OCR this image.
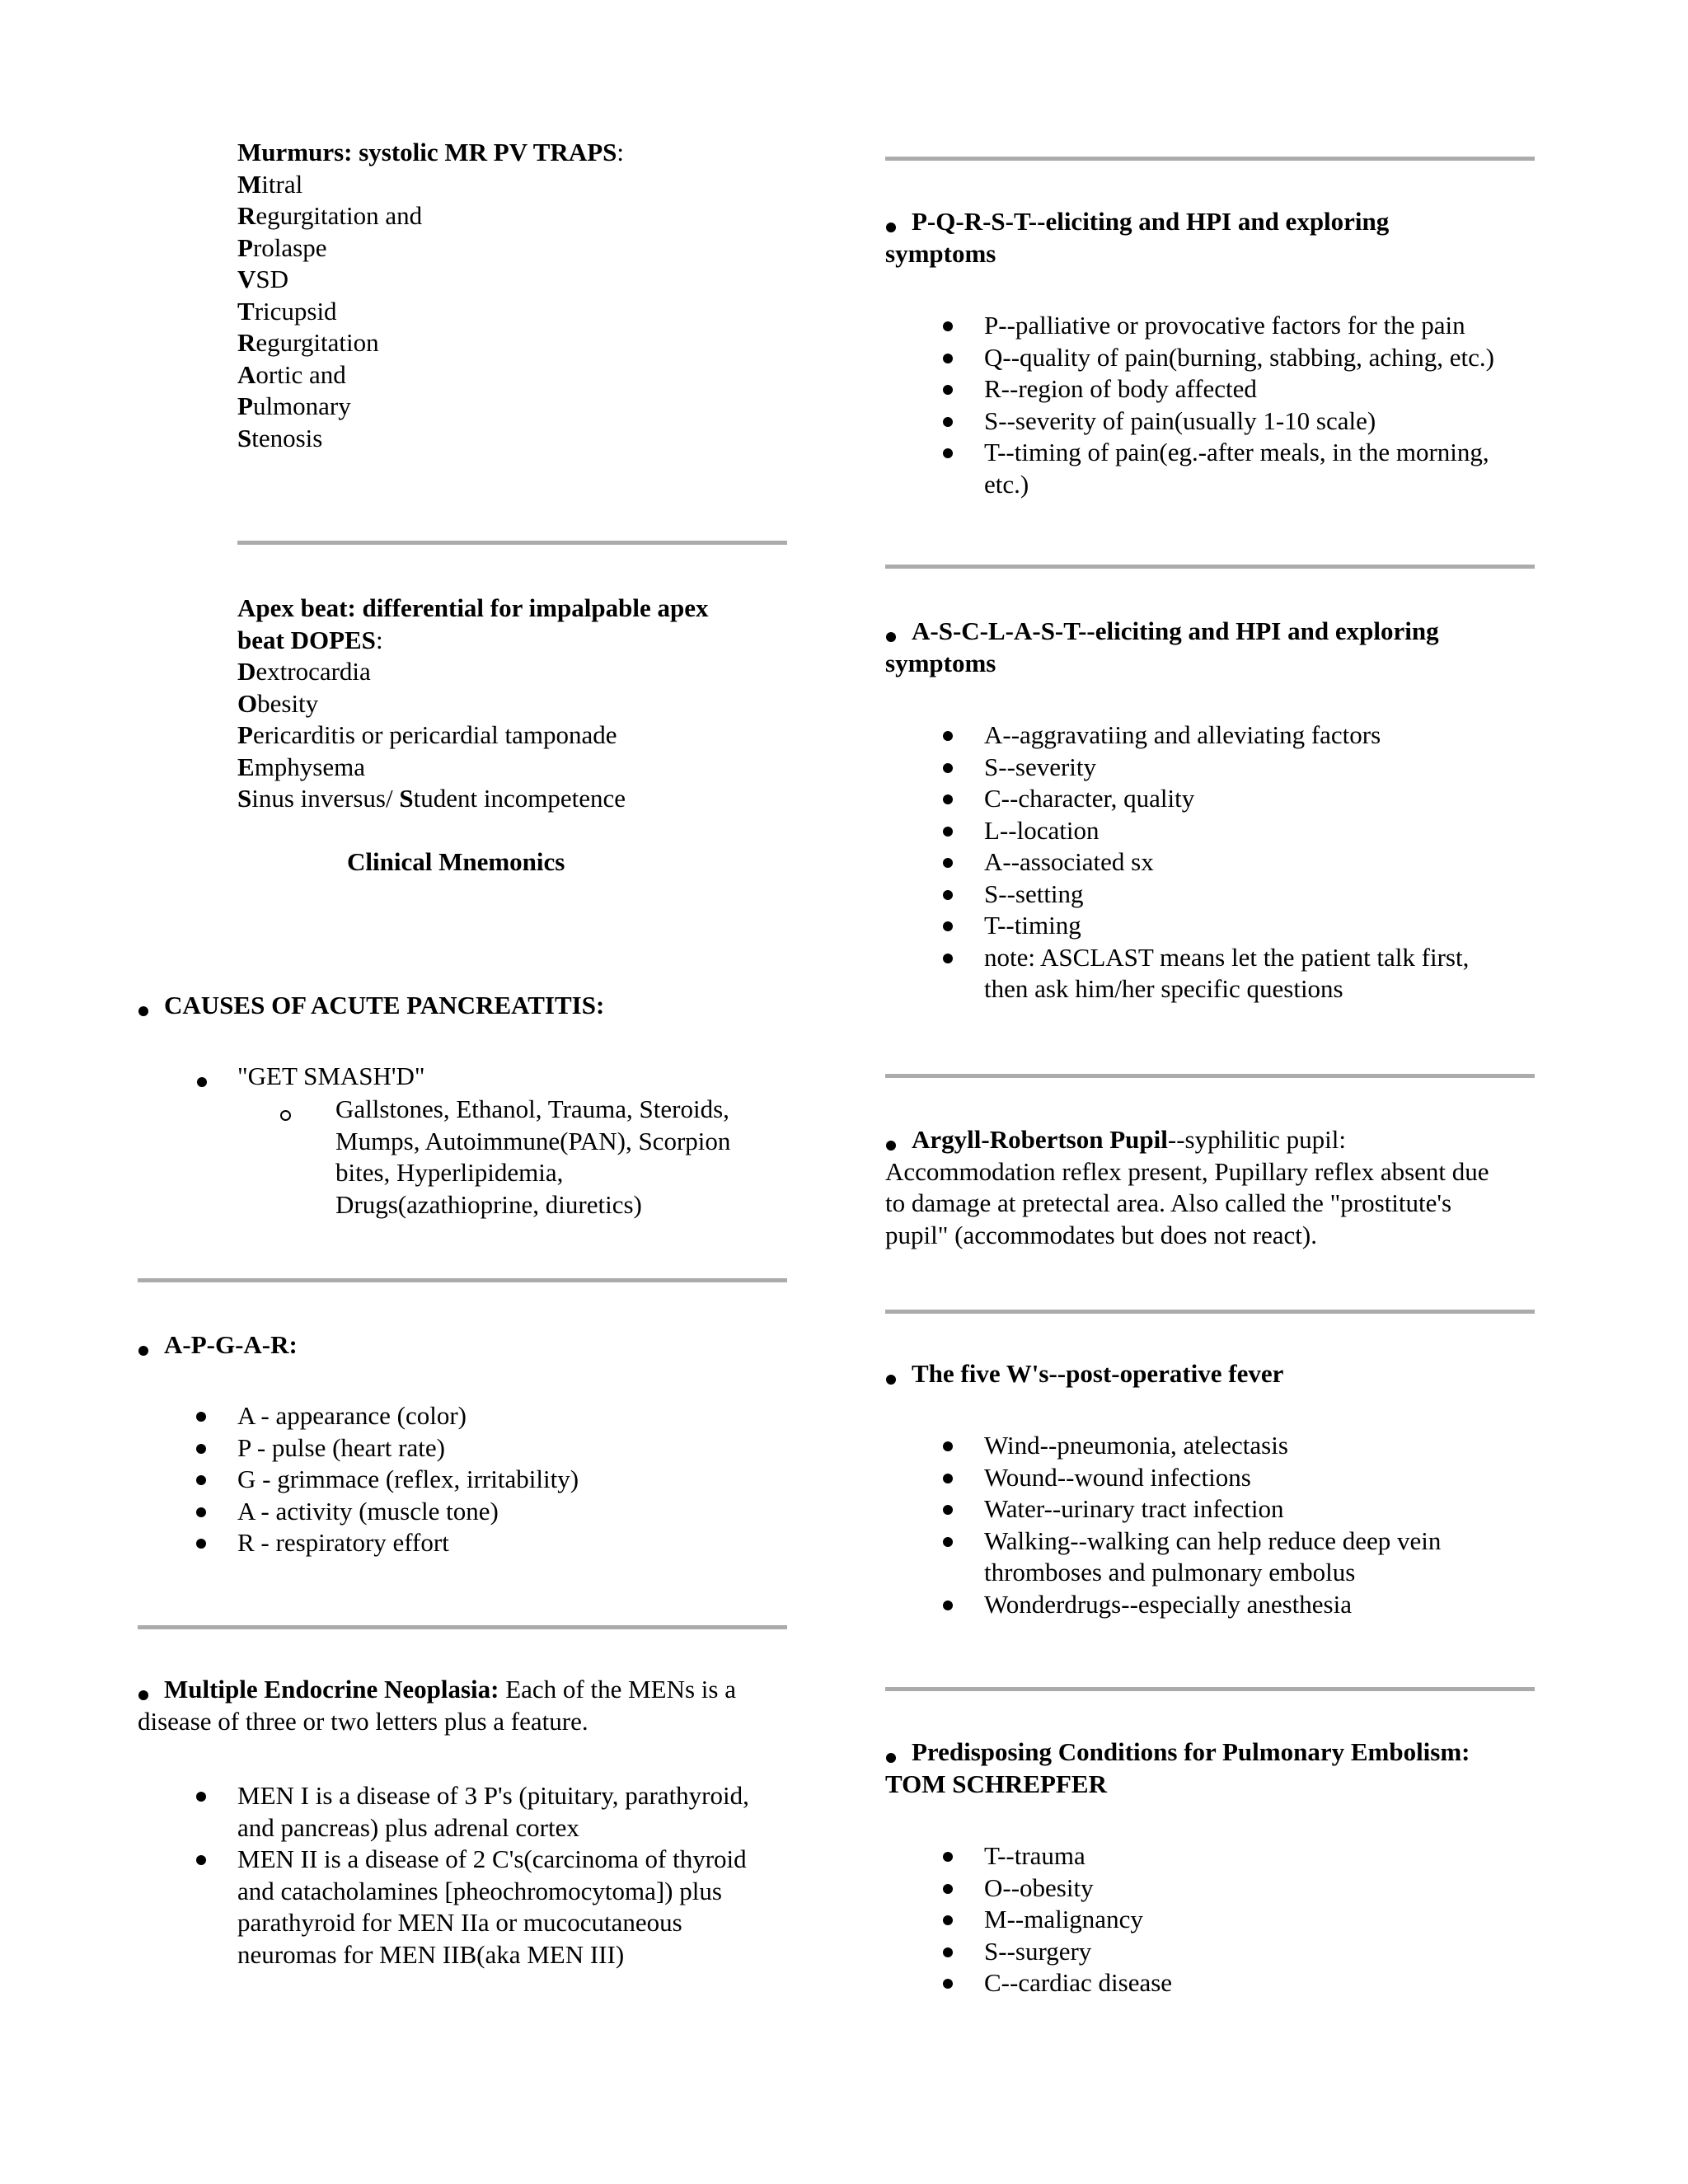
Murmurs: systolic MR PV TRAPS:
Mitral
Regurgitation and
Prolaspe
VSD
Tricupsid
Regurgitation
Aortic and
Pulmonary
Stenosis
Apex beat: differential for impalpable apex
beat DOPES:
Dextrocardia
Obesity
Pericarditis or pericardial tamponade
Emphysema
Sinus inversus/ Student incompetence
Clinical Mnemonics
CAUSES OF ACUTE PANCREATITIS:
"GET SMASH'D"
Gallstones, Ethanol, Trauma, Steroids,
Mumps, Autoimmune(PAN), Scorpion
bites, Hyperlipidemia,
Drugs(azathioprine, diuretics)
A-P-G-A-R:
A - appearance (color)
P - pulse (heart rate)
G - grimmace (reflex, irritability)
A - activity (muscle tone)
R - respiratory effort
Multiple Endocrine Neoplasia: Each of the MENs is a
disease of three or two letters plus a feature.
MEN I is a disease of 3 P's (pituitary, parathyroid,
and pancreas) plus adrenal cortex
MEN II is a disease of 2 C's(carcinoma of thyroid
and catacholamines [pheochromocytoma]) plus
parathyroid for MEN IIa or mucocutaneous
neuromas for MEN IIB(aka MEN III)
P-Q-R-S-T--eliciting and HPI and exploring
symptoms
P--palliative or provocative factors for the pain
Q--quality of pain(burning, stabbing, aching, etc.)
R--region of body affected
S--severity of pain(usually 1-10 scale)
T--timing of pain(eg.-after meals, in the morning,
etc.)
A-S-C-L-A-S-T--eliciting and HPI and exploring
symptoms
A--aggravatiing and alleviating factors
S--severity
C--character, quality
L--location
A--associated sx
S--setting
T--timing
note: ASCLAST means let the patient talk first,
then ask him/her specific questions
Argyll-Robertson Pupil--syphilitic pupil:
Accommodation reflex present, Pupillary reflex absent due
to damage at pretectal area. Also called the "prostitute's
pupil" (accommodates but does not react).
The five W's--post-operative fever
Wind--pneumonia, atelectasis
Wound--wound infections
Water--urinary tract infection
Walking--walking can help reduce deep vein
thromboses and pulmonary embolus
Wonderdrugs--especially anesthesia
Predisposing Conditions for Pulmonary Embolism:
TOM SCHREPFER
T--trauma
O--obesity
M--malignancy
S--surgery
C--cardiac disease
